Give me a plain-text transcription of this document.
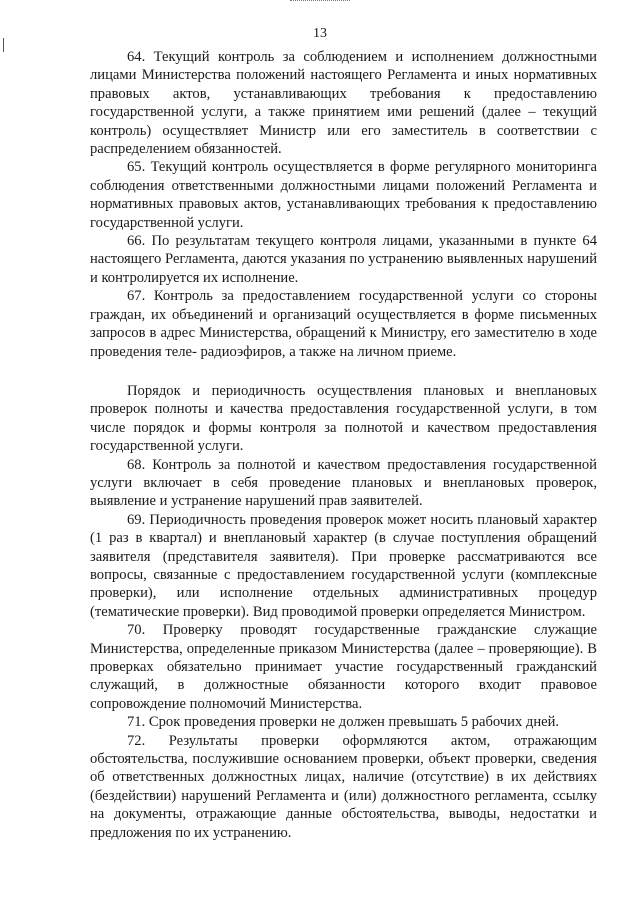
13

64. Текущий контроль за соблюдением и исполнением должностными лицами Министерства положений настоящего Регламента и иных нормативных правовых актов, устанавливающих требования к предоставлению государственной услуги, а также принятием ими решений (далее – текущий контроль) осуществляет Министр или его заместитель в соответствии с распределением обязанностей.

65. Текущий контроль осуществляется в форме регулярного мониторинга соблюдения ответственными должностными лицами положений Регламента и нормативных правовых актов, устанавливающих требования к предоставлению государственной услуги.

66. По результатам текущего контроля лицами, указанными в пункте 64 настоящего Регламента, даются указания по устранению выявленных нарушений и контролируется их исполнение.

67. Контроль за предоставлением государственной услуги со стороны граждан, их объединений и организаций осуществляется в форме письменных запросов в адрес Министерства, обращений к Министру, его заместителю в ходе проведения теле- радиоэфиров, а также на личном приеме.

Порядок и периодичность осуществления плановых и внеплановых проверок полноты и качества предоставления государственной услуги, в том числе порядок и формы контроля за полнотой и качеством предоставления государственной услуги.

68. Контроль за полнотой и качеством предоставления государственной услуги включает в себя проведение плановых и внеплановых проверок, выявление и устранение нарушений прав заявителей.

69. Периодичность проведения проверок может носить плановый характер (1 раз в квартал) и внеплановый характер (в случае поступления обращений заявителя (представителя заявителя). При проверке рассматриваются все вопросы, связанные с предоставлением государственной услуги (комплексные проверки), или исполнение отдельных административных процедур (тематические проверки). Вид проводимой проверки определяется Министром.

70. Проверку проводят государственные гражданские служащие Министерства, определенные приказом Министерства (далее – проверяющие). В проверках обязательно принимает участие государственный гражданский служащий, в должностные обязанности которого входит правовое сопровождение полномочий Министерства.

71. Срок проведения проверки не должен превышать 5 рабочих дней.

72. Результаты проверки оформляются актом, отражающим обстоятельства, послужившие основанием проверки, объект проверки, сведения об ответственных должностных лицах, наличие (отсутствие) в их действиях (бездействии) нарушений Регламента и (или) должностного регламента, ссылку на документы, отражающие данные обстоятельства, выводы, недостатки и предложения по их устранению.
